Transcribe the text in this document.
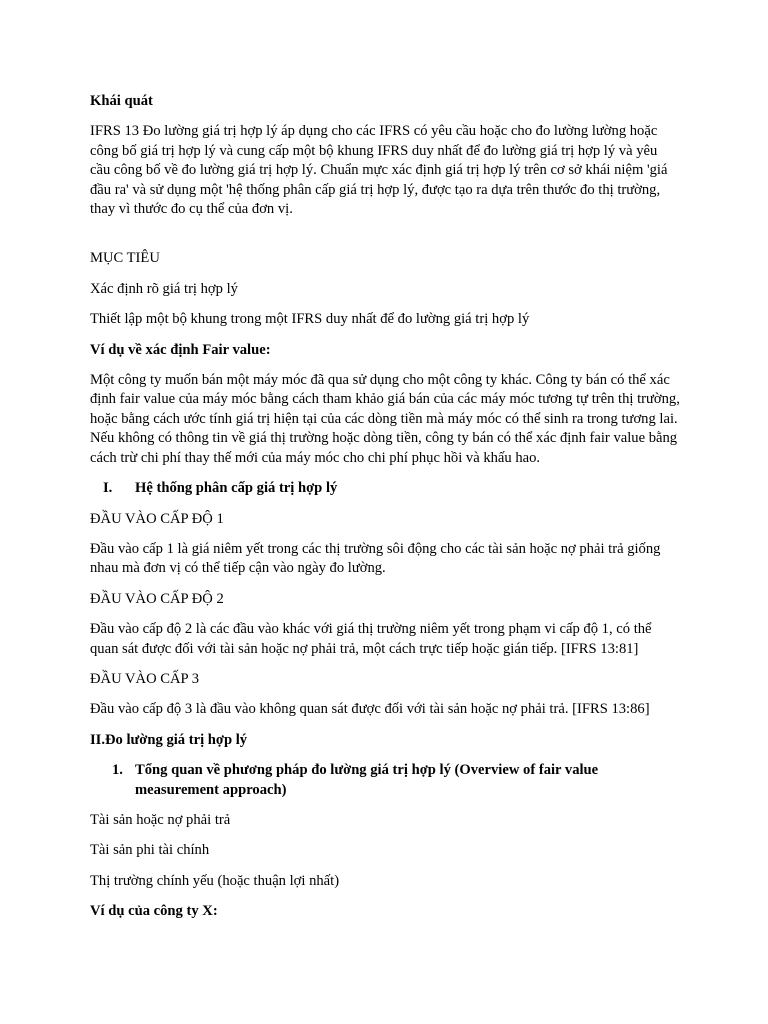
Khái quát

IFRS 13 Đo lường giá trị hợp lý áp dụng cho các IFRS có yêu cầu hoặc cho đo lường lường hoặc công bố giá trị hợp lý và cung cấp một bộ khung IFRS duy nhất để đo lường giá trị hợp lý và yêu cầu công bố về đo lường giá trị hợp lý. Chuẩn mực xác định giá trị hợp lý trên cơ sở khái niệm 'giá đầu ra' và sử dụng một 'hệ thống phân cấp giá trị hợp lý, được tạo ra dựa trên thước đo thị trường, thay vì thước đo cụ thể của đơn vị.

MỤC TIÊU

Xác định rõ giá trị hợp lý

Thiết lập một bộ khung trong một IFRS duy nhất để đo lường giá trị hợp lý

Ví dụ về xác định Fair value:

Một công ty muốn bán một máy móc đã qua sử dụng cho một công ty khác. Công ty bán có thể xác định fair value của máy móc bằng cách tham khảo giá bán của các máy móc tương tự trên thị trường, hoặc bằng cách ước tính giá trị hiện tại của các dòng tiền mà máy móc có thể sinh ra trong tương lai. Nếu không có thông tin về giá thị trường hoặc dòng tiền, công ty bán có thể xác định fair value bằng cách trừ chi phí thay thế mới của máy móc cho chi phí phục hồi và khấu hao.

I.	Hệ thống phân cấp giá trị hợp lý

ĐẦU VÀO CẤP ĐỘ 1

Đầu vào cấp 1 là giá niêm yết trong các thị trường sôi động cho các tài sản hoặc nợ phải trả giống nhau mà đơn vị có thể tiếp cận vào ngày đo lường.

ĐẦU VÀO CẤP ĐỘ 2

Đầu vào cấp độ 2 là các đầu vào khác với giá thị trường niêm yết trong phạm vi cấp độ 1, có thể quan sát được đối với tài sản hoặc nợ phải trả, một cách trực tiếp hoặc gián tiếp. [IFRS 13:81]

ĐẦU VÀO CẤP 3

Đầu vào cấp độ 3 là đầu vào không quan sát được đối với tài sản hoặc nợ phải trả. [IFRS 13:86]

II.Đo lường giá trị hợp lý

1. Tổng quan về phương pháp đo lường giá trị hợp lý (Overview of fair value measurement approach)

Tài sản hoặc nợ phải trả

Tài sản phi tài chính

Thị trường chính yếu (hoặc thuận lợi nhất)

Ví dụ của công ty X:
